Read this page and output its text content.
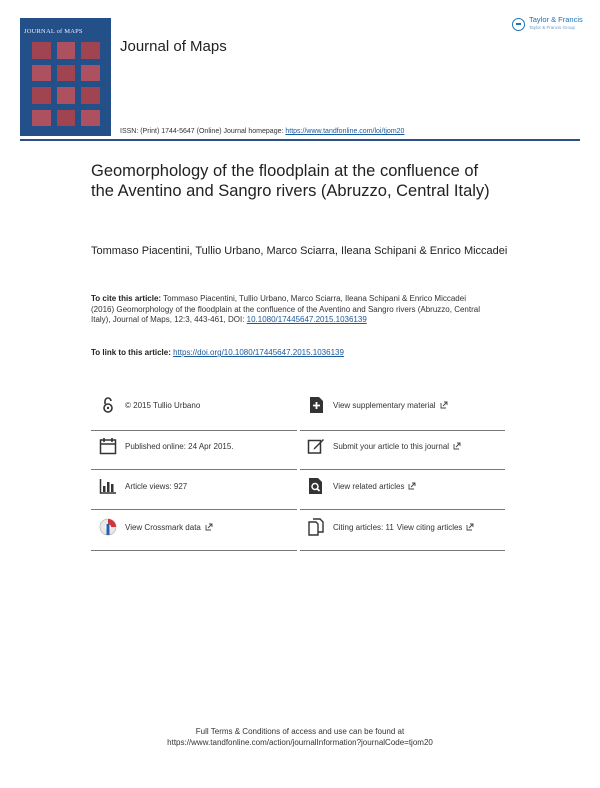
JOURNAL of MAPS
Journal of Maps
Taylor & Francis
Taylor & Francis Group
ISSN: (Print) 1744-5647 (Online) Journal homepage: https://www.tandfonline.com/loi/tjom20
Geomorphology of the floodplain at the confluence of the Aventino and Sangro rivers (Abruzzo, Central Italy)
Tommaso Piacentini, Tullio Urbano, Marco Sciarra, Ileana Schipani & Enrico Miccadei
To cite this article: Tommaso Piacentini, Tullio Urbano, Marco Sciarra, Ileana Schipani & Enrico Miccadei (2016) Geomorphology of the floodplain at the confluence of the Aventino and Sangro rivers (Abruzzo, Central Italy), Journal of Maps, 12:3, 443-461, DOI: 10.1080/17445647.2015.1036139
To link to this article: https://doi.org/10.1080/17445647.2015.1036139
© 2015 Tullio Urbano	View supplementary material
Published online: 24 Apr 2015.	Submit your article to this journal
Article views: 927	View related articles
View Crossmark data	Citing articles: 11 View citing articles
Full Terms & Conditions of access and use can be found at
https://www.tandfonline.com/action/journalInformation?journalCode=tjom20
